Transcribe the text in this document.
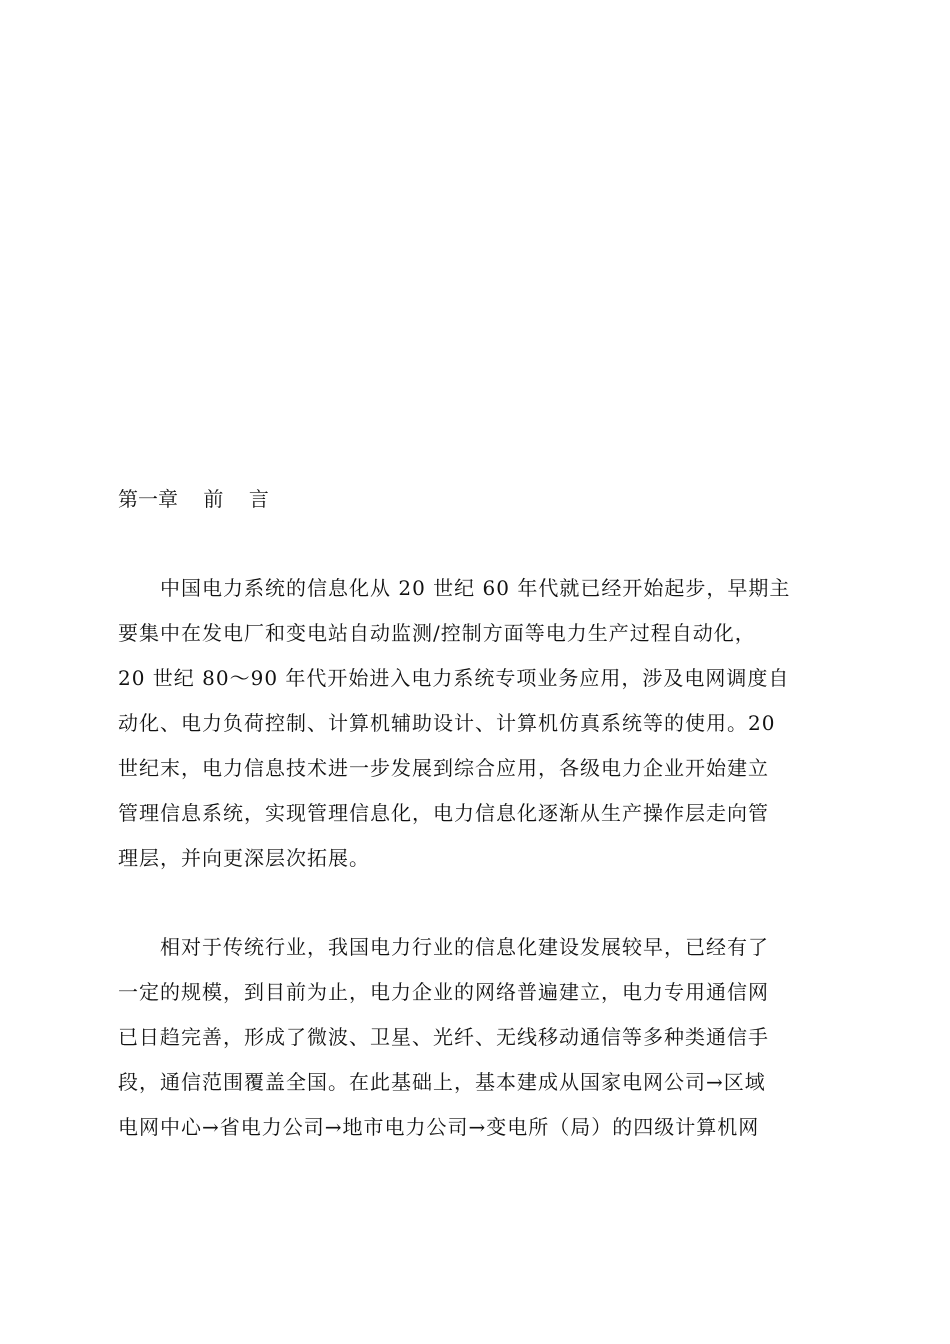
第一章    前    言
中国电力系统的信息化从 20 世纪 60 年代就已经开始起步，早期主
要集中在发电厂和变电站自动监测/控制方面等电力生产过程自动化，
20 世纪 80～90 年代开始进入电力系统专项业务应用，涉及电网调度自
动化、电力负荷控制、计算机辅助设计、计算机仿真系统等的使用。20
世纪末，电力信息技术进一步发展到综合应用，各级电力企业开始建立
管理信息系统，实现管理信息化，电力信息化逐渐从生产操作层走向管
理层，并向更深层次拓展。
相对于传统行业，我国电力行业的信息化建设发展较早，已经有了
一定的规模，到目前为止，电力企业的网络普遍建立，电力专用通信网
已日趋完善，形成了微波、卫星、光纤、无线移动通信等多种类通信手
段，通信范围覆盖全国。在此基础上，基本建成从国家电网公司→区域
电网中心→省电力公司→地市电力公司→变电所（局）的四级计算机网
